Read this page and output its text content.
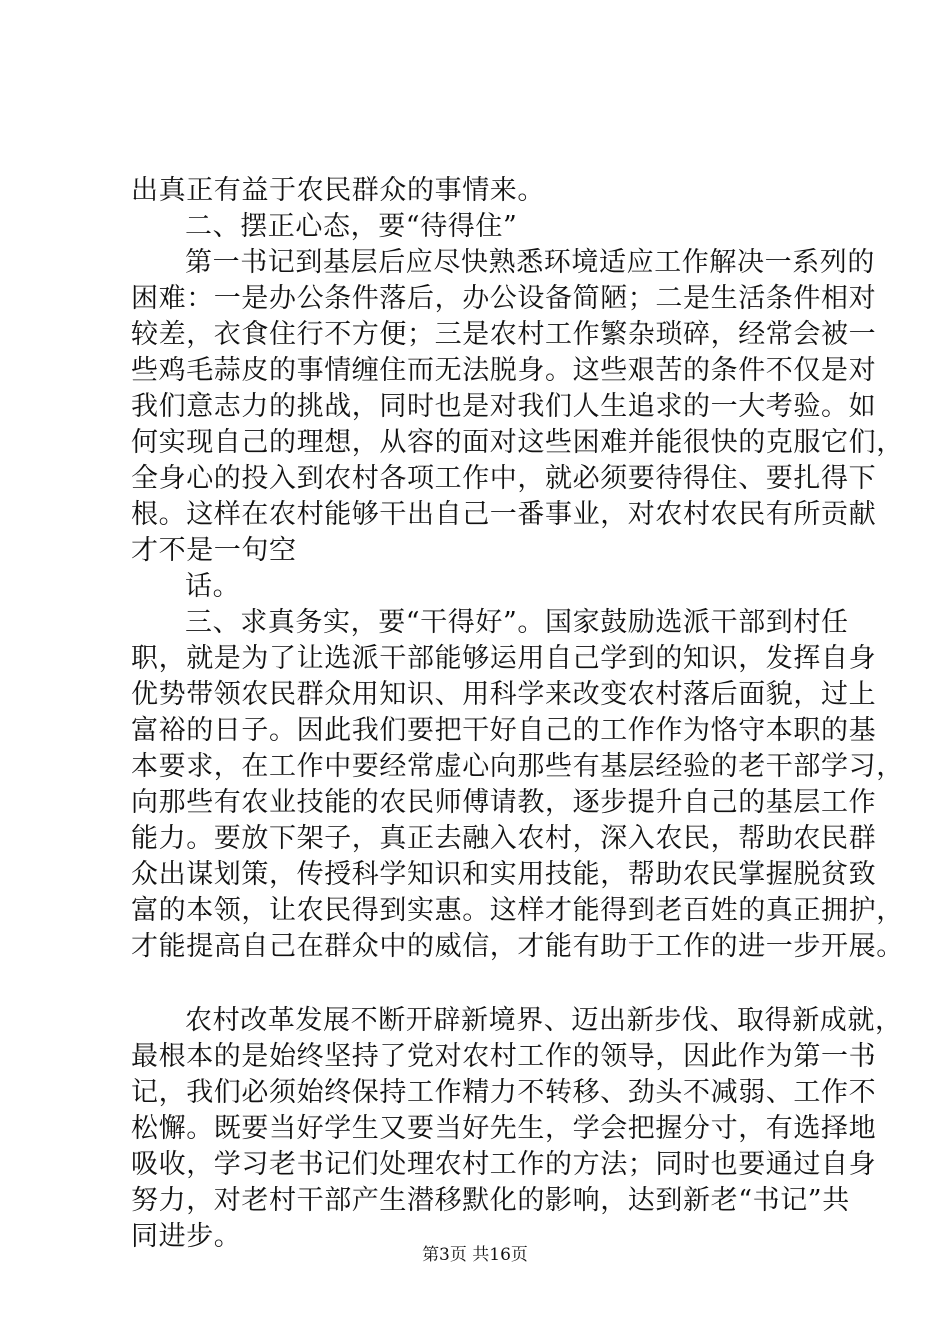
出真正有益于农民群众的事情来。
二、摆正心态，要“待得住”
第一书记到基层后应尽快熟悉环境适应工作解决一系列的
困难：一是办公条件落后，办公设备简陋；二是生活条件相对
较差，衣食住行不方便；三是农村工作繁杂琐碎，经常会被一
些鸡毛蒜皮的事情缠住而无法脱身。这些艰苦的条件不仅是对
我们意志力的挑战，同时也是对我们人生追求的一大考验。如
何实现自己的理想，从容的面对这些困难并能很快的克服它们，
全身心的投入到农村各项工作中，就必须要待得住、要扎得下
根。这样在农村能够干出自己一番事业，对农村农民有所贡献
才不是一句空
话。
三、求真务实，要“干得好”。国家鼓励选派干部到村任
职，就是为了让选派干部能够运用自己学到的知识，发挥自身
优势带领农民群众用知识、用科学来改变农村落后面貌，过上
富裕的日子。因此我们要把干好自己的工作作为恪守本职的基
本要求，在工作中要经常虚心向那些有基层经验的老干部学习，
向那些有农业技能的农民师傅请教，逐步提升自己的基层工作
能力。要放下架子，真正去融入农村，深入农民，帮助农民群
众出谋划策，传授科学知识和实用技能，帮助农民掌握脱贫致
富的本领，让农民得到实惠。这样才能得到老百姓的真正拥护，
才能提高自己在群众中的威信，才能有助于工作的进一步开展。
农村改革发展不断开辟新境界、迈出新步伐、取得新成就，
最根本的是始终坚持了党对农村工作的领导，因此作为第一书
记，我们必须始终保持工作精力不转移、劲头不减弱、工作不
松懈。既要当好学生又要当好先生，学会把握分寸，有选择地
吸收，学习老书记们处理农村工作的方法；同时也要通过自身
努力，对老村干部产生潜移默化的影响，达到新老“书记”共
同进步。
第3页 共16页
